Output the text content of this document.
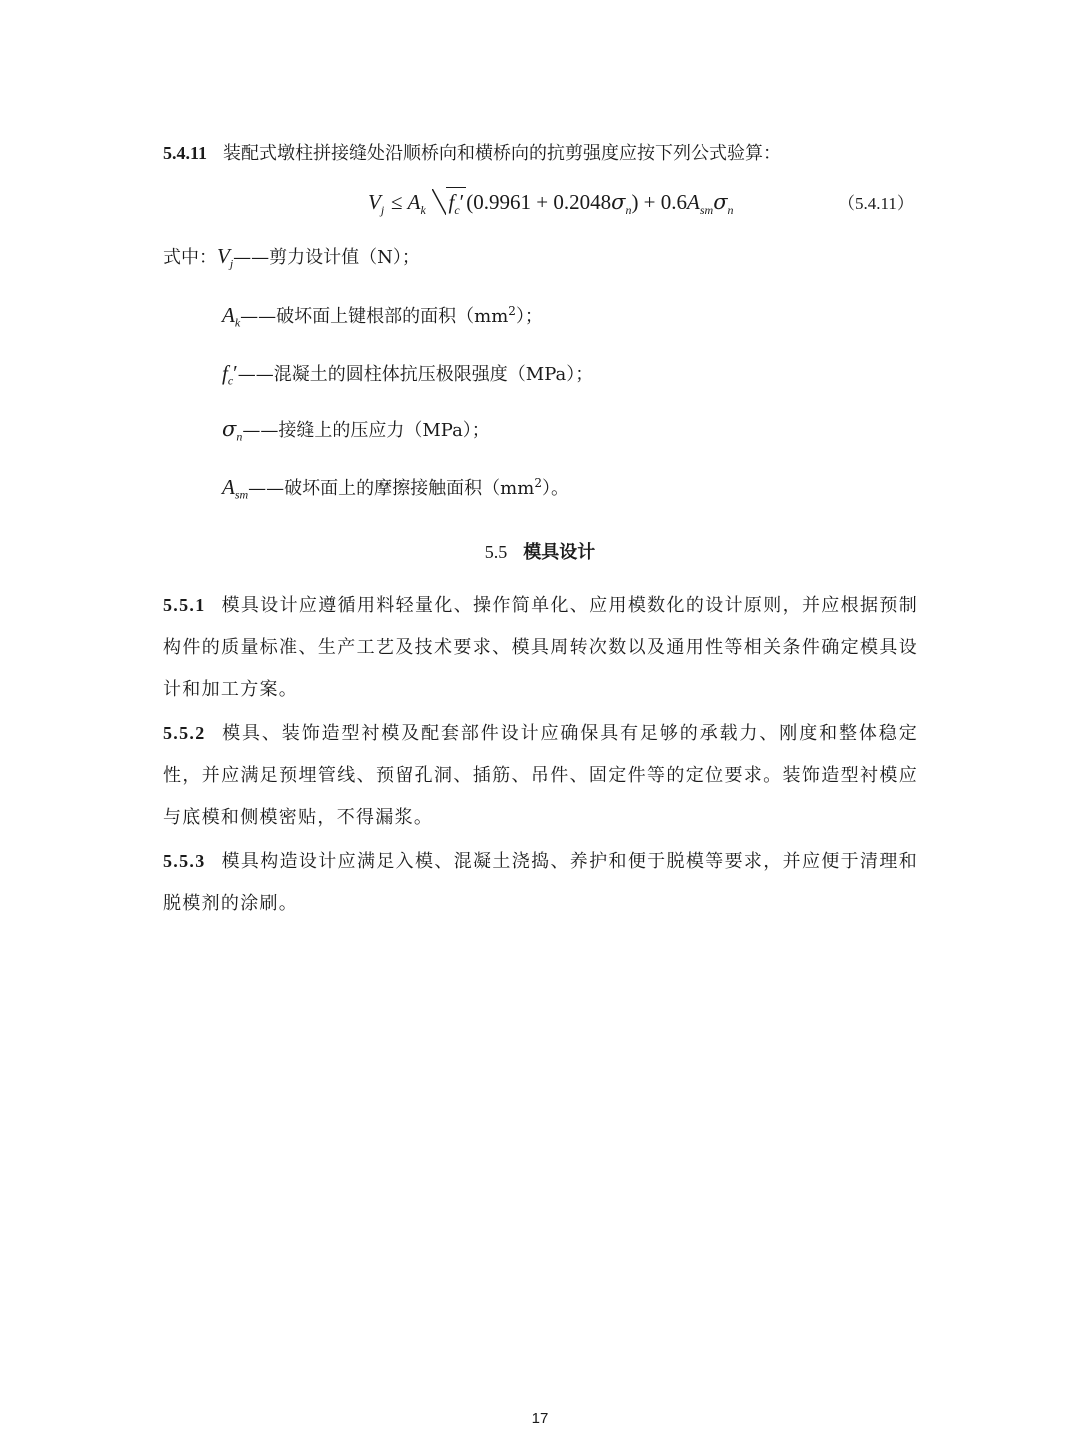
5.4.11 装配式墩柱拼接缝处沿顺桥向和横桥向的抗剪强度应按下列公式验算：
$V_j \le A_k$ $f_c'(0.9961 + 0.2048\sigma_n) + 0.6A_{sm}\sigma_n$	（5.4.11）
式中：$V_j——$剪力设计值（N）；
$A_k——$破坏面上键根部的面积$(mm^2)$；
$f_c'——$混凝土的圆柱体抗压极限强度（MPa）；
$\sigma_n——$接缝上的压应力（MPa）；
$A_{sm}——$破坏面上的摩擦接触面积$(mm^2)$。
5.5 模具设计
5.5.1 模具设计应遵循用料轻量化、操作简单化、应用模数化的设计原则，并应根据预制构件的质量标准、生产工艺及技术要求、模具周转次数以及通用性等相关条件确定模具设计和加工方案。
5.5.2 模具、装饰造型衬模及配套部件设计应确保具有足够的承载力、刚度和整体稳定性，并应满足预埋管线、预留孔洞、插筋、吊件、固定件等的定位要求。装饰造型衬模应与底模和侧模密贴，不得漏浆。
5.5.3 模具构造设计应满足入模、混凝土浇捣、养护和便于脱模等要求，并应便于清理和脱模剂的涂刷。
17
